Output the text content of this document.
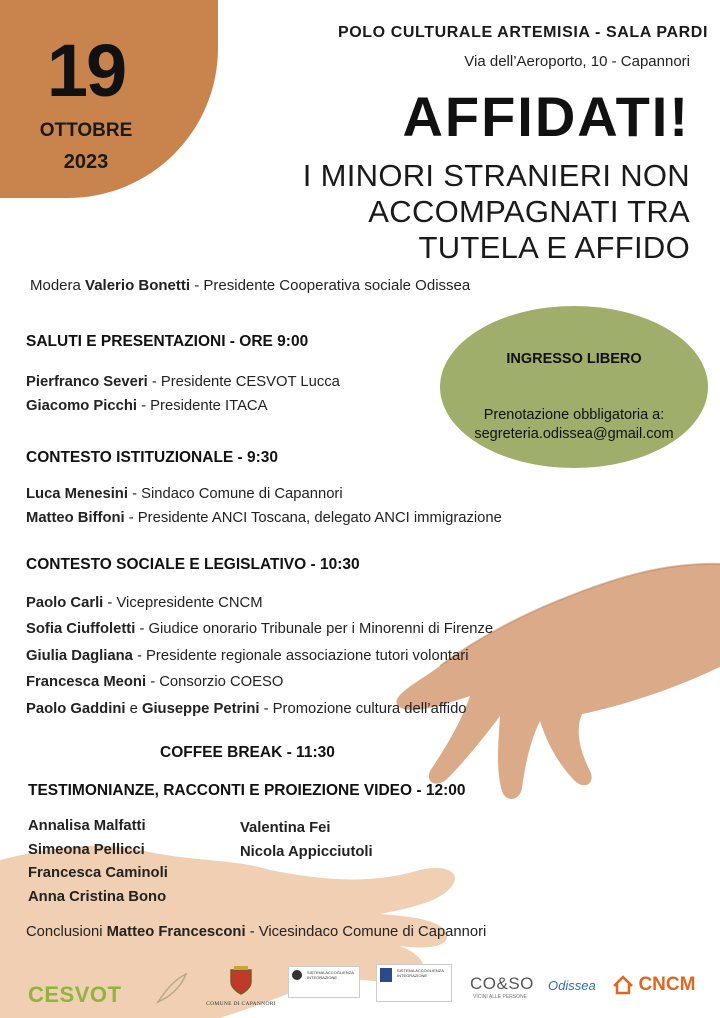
19
OTTOBRE
2023
POLO CULTURALE ARTEMISIA - SALA PARDI
Via dell’Aeroporto, 10 - Capannori
AFFIDATI!
I MINORI STRANIERI NON
ACCOMPAGNATI TRA
TUTELA E AFFIDO
Modera Valerio Bonetti - Presidente Cooperativa sociale Odissea
INGRESSO LIBERO
Prenotazione obbligatoria a:
segreteria.odissea@gmail.com
SALUTI E PRESENTAZIONI - ORE 9:00
Pierfranco Severi - Presidente CESVOT Lucca
Giacomo Picchi - Presidente ITACA
CONTESTO ISTITUZIONALE - 9:30
Luca Menesini - Sindaco Comune di Capannori
Matteo Biffoni - Presidente ANCI Toscana, delegato ANCI immigrazione
CONTESTO SOCIALE E LEGISLATIVO - 10:30
Paolo Carli - Vicepresidente CNCM
Sofia Ciuffoletti - Giudice onorario Tribunale per i Minorenni di Firenze
Giulia Dagliana - Presidente regionale associazione tutori volontari
Francesca Meoni - Consorzio COESO
Paolo Gaddini e Giuseppe Petrini - Promozione cultura dell’affido
COFFEE BREAK - 11:30
TESTIMONIANZE, RACCONTI E PROIEZIONE VIDEO - 12:00
Annalisa Malfatti
Simeona Pellicci
Francesca Caminoli
Anna Cristina Bono
Valentina Fei
Nicola Appicciutoli
Conclusioni Matteo Francesconi - Vicesindaco Comune di Capannori
CESVOT	COMUNE DI CAPANNORI
SISTEMA ACCOGLIENZA INTEGRAZIONE
SISTEMA ACCOGLIENZA INTEGRAZIONE	CO&SO
VICINI ALLE PERSONE
Odissea	CNCM
